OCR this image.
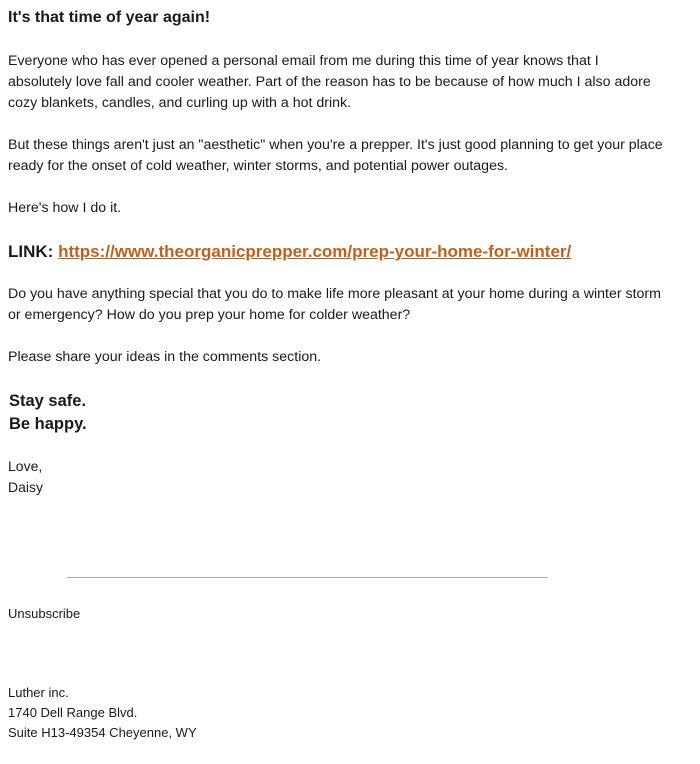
It's that time of year again!

Everyone who has ever opened a personal email from me during this time of year knows that I
absolutely love fall and cooler weather. Part of the reason has to be because of how much I also adore
cozy blankets, candles, and curling up with a hot drink.

But these things aren't just an "aesthetic" when you're a prepper. It's just good planning to get your place
ready for the onset of cold weather, winter storms, and potential power outages.

Here's how I do it.

LINK: https://www.theorganicprepper.com/prep-your-home-for-winter/

Do you have anything special that you do to make life more pleasant at your home during a winter storm
or emergency? How do you prep your home for colder weather?

Please share your ideas in the comments section.

Stay safe.
Be happy.
Love,
Daisy
Unsubscribe
Luther inc.
1740 Dell Range Blvd.
Suite H13-49354 Cheyenne, WY
